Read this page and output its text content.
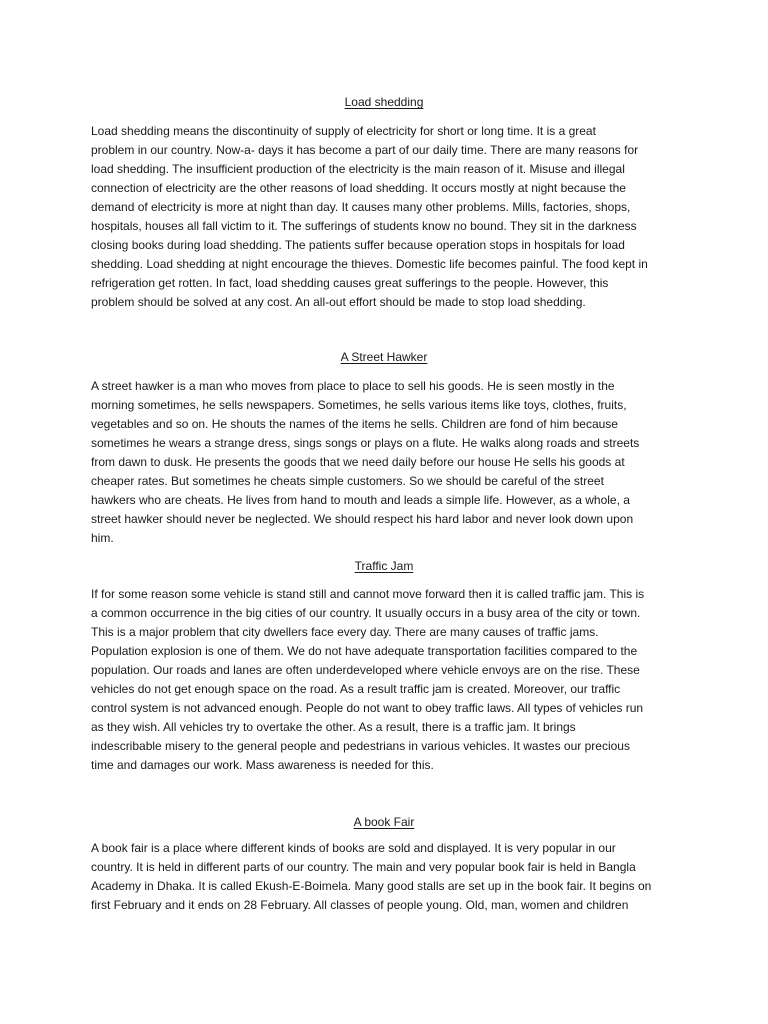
Load shedding
Load shedding means the discontinuity of supply of electricity for short or long time. It is a great
problem in our country. Now-a- days it has become a part of our daily time. There are many reasons for
load shedding. The insufficient production of the electricity is the main reason of it. Misuse and illegal
connection of electricity are the other reasons of load shedding. It occurs mostly at night because the
demand of electricity is more at night than day. It causes many other problems. Mills, factories, shops,
hospitals, houses all fall victim to it. The sufferings of students know no bound. They sit in the darkness
closing books during load shedding. The patients suffer because operation stops in hospitals for load
shedding. Load shedding at night encourage the thieves. Domestic life becomes painful. The food kept in
refrigeration get rotten. In fact, load shedding causes great sufferings to the people. However, this
problem should be solved at any cost. An all-out effort should be made to stop load shedding.
A Street Hawker
A street hawker is a man who moves from place to place to sell his goods. He is seen mostly in the
morning sometimes, he sells newspapers. Sometimes, he sells various items like toys, clothes, fruits,
vegetables and so on. He shouts the names of the items he sells. Children are fond of him because
sometimes he wears a strange dress, sings songs or plays on a flute. He walks along roads and streets
from dawn to dusk. He presents the goods that we need daily before our house He sells his goods at
cheaper rates. But sometimes he cheats simple customers. So we should be careful of the street
hawkers who are cheats. He lives from hand to mouth and leads a simple life. However, as a whole, a
street hawker should never be neglected. We should respect his hard labor and never look down upon
him.
Traffic Jam
If for some reason some vehicle is stand still and cannot move forward then it is called traffic jam. This is
a common occurrence in the big cities of our country. It usually occurs in a busy area of the city or town.
This is a major problem that city dwellers face every day. There are many causes of traffic jams.
Population explosion is one of them. We do not have adequate transportation facilities compared to the
population. Our roads and lanes are often underdeveloped where vehicle envoys are on the rise. These
vehicles do not get enough space on the road. As a result traffic jam is created. Moreover, our traffic
control system is not advanced enough. People do not want to obey traffic laws. All types of vehicles run
as they wish. All vehicles try to overtake the other. As a result, there is a traffic jam. It brings
indescribable misery to the general people and pedestrians in various vehicles. It wastes our precious
time and damages our work. Mass awareness is needed for this.
A book Fair
A book fair is a place where different kinds of books are sold and displayed. It is very popular in our
country. It is held in different parts of our country. The main and very popular book fair is held in Bangla
Academy in Dhaka. It is called Ekush-E-Boimela. Many good stalls are set up in the book fair. It begins on
first February and it ends on 28 February. All classes of people young. Old, man, women and children
